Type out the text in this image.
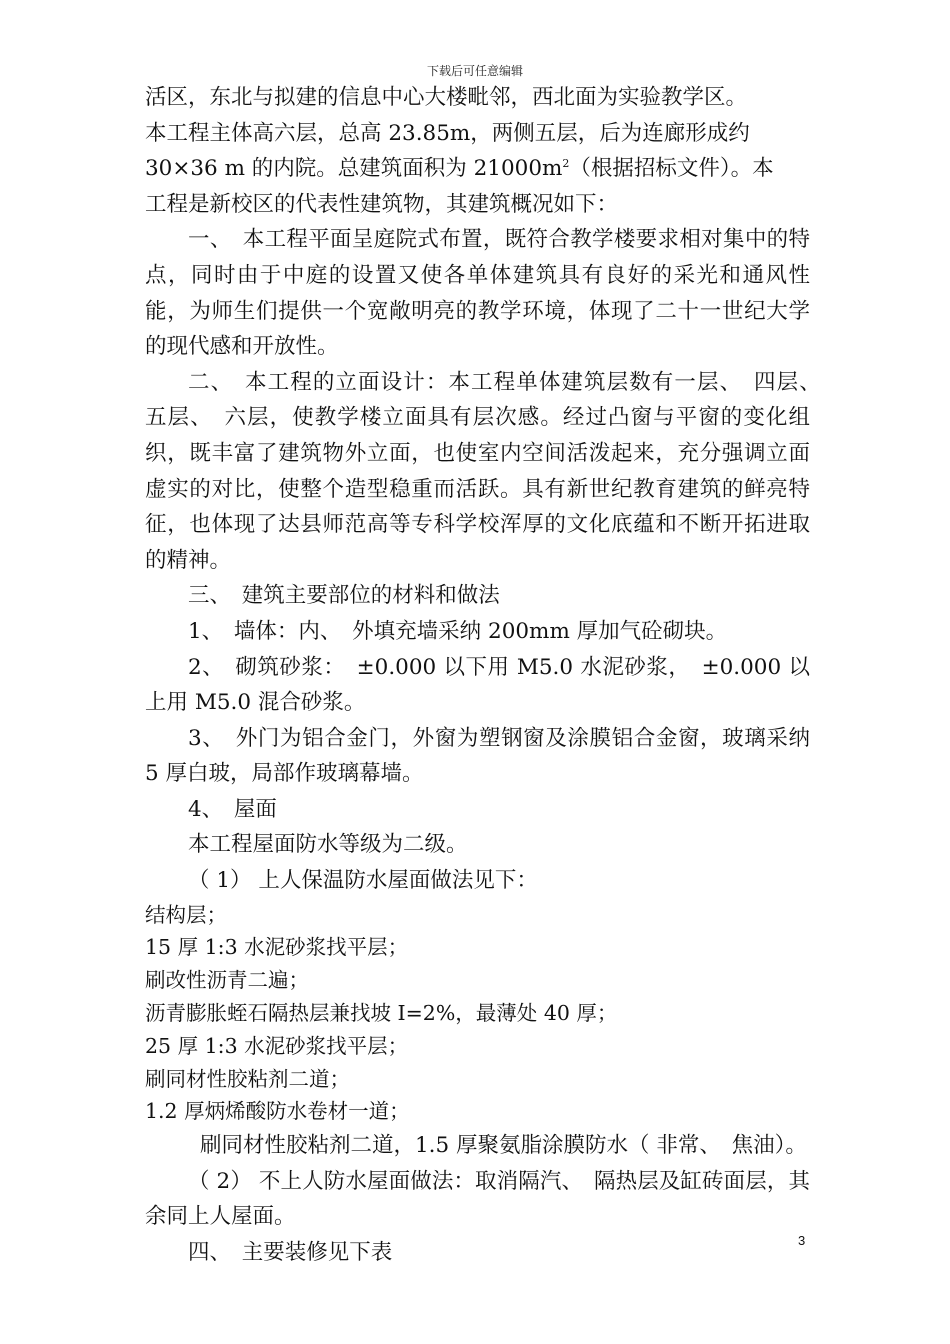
下载后可任意编辑

活区，东北与拟建的信息中心大楼毗邻，西北面为实验教学区。

本工程主体高六层，总高 23.85m，两侧五层，后为连廊形成约

30×36 m 的内院。总建筑面积为 $21000m^2$（根据招标文件）。本

工程是新校区的代表性建筑物，其建筑概况如下：

一、　本工程平面呈庭院式布置，既符合教学楼要求相对集中的特点，同时由于中庭的设置又使各单体建筑具有良好的采光和通风性能，为师生们提供一个宽敞明亮的教学环境，体现了二十一世纪大学的现代感和开放性。

二、　本工程的立面设计：本工程单体建筑层数有一层、　四层、　五层、　六层，使教学楼立面具有层次感。经过凸窗与平窗的变化组织，既丰富了建筑物外立面，也使室内空间活泼起来，充分强调立面虚实的对比，使整个造型稳重而活跃。具有新世纪教育建筑的鲜亮特征，也体现了达县师范高等专科学校浑厚的文化底蕴和不断开拓进取的精神。

三、　建筑主要部位的材料和做法

1、　墙体：内、　外填充墙采纳 200mm 厚加气砼砌块。

2、　砌筑砂浆：　±0.000 以下用 M5.0 水泥砂浆，　±0.000 以上用 M5.0 混合砂浆。

3、　外门为铝合金门，外窗为塑钢窗及涂膜铝合金窗，玻璃采纳 5 厚白玻，局部作玻璃幕墙。

4、　屋面

本工程屋面防水等级为二级。

（ 1） 上人保温防水屋面做法见下：

结构层；

15 厚 1:3 水泥砂浆找平层；

刷改性沥青二遍；

沥青膨胀蛭石隔热层兼找坡 I=2%，最薄处 40 厚；

25 厚 1:3 水泥砂浆找平层；

刷同材性胶粘剂二道；

1.2 厚炳烯酸防水卷材一道；

刷同材性胶粘剂二道，1.5 厚聚氨脂涂膜防水（ 非常、　焦油）。

（ 2） 不上人防水屋面做法：取消隔汽、　隔热层及缸砖面层，其余同上人屋面。

四、　主要装修见下表	3
